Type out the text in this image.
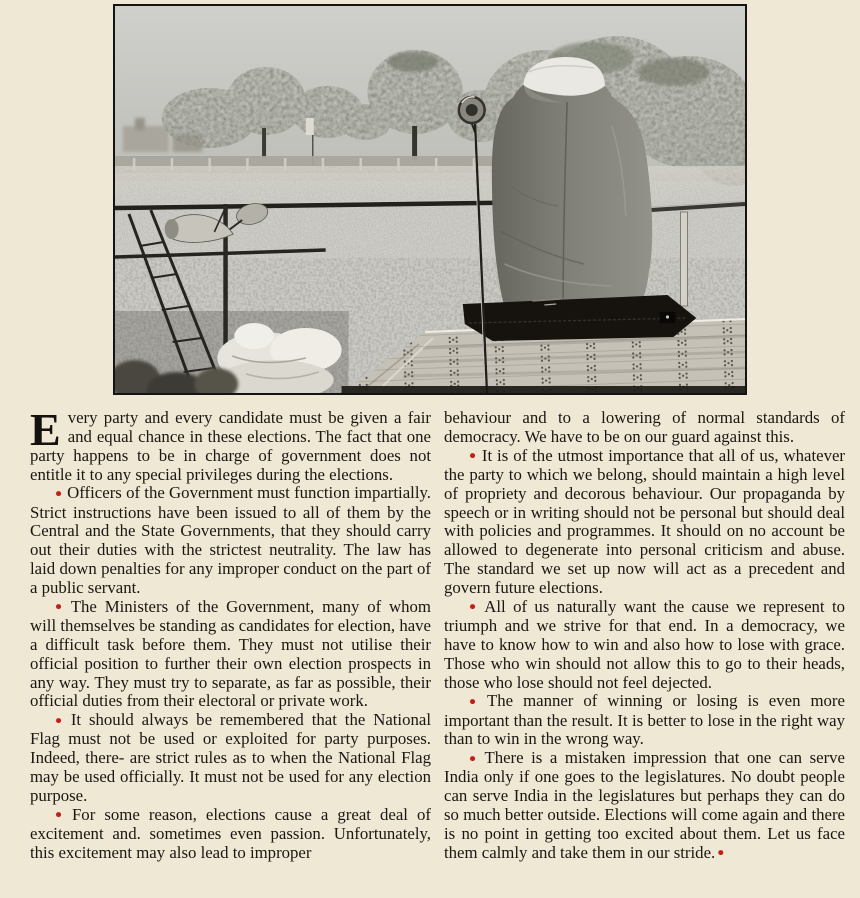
Every party and every candidate must be given a fair and equal chance in these elections. The fact that one party happens to be in charge of government does not entitle it to any special privileges during the elections.

● Officers of the Government must function impartially. Strict instructions have been issued to all of them by the Central and the State Governments, that they should carry out their duties with the strictest neutrality. The law has laid down penalties for any improper conduct on the part of a public servant.

● The Ministers of the Government, many of whom will themselves be standing as candidates for election, have a difficult task before them. They must not utilise their official position to further their own election prospects in any way. They must try to separate, as far as possible, their official duties from their electoral or private work.

● It should always be remembered that the National Flag must not be used or exploited for party purposes. Indeed, there- are strict rules as to when the National Flag may be used officially. It must not be used for any election purpose.

● For some reason, elections cause a great deal of excitement and. sometimes even passion. Unfortunately, this excitement may also lead to improper

behaviour and to a lowering of normal standards of democracy. We have to be on our guard against this.

● It is of the utmost importance that all of us, whatever the party to which we belong, should maintain a high level of propriety and decorous behaviour. Our propaganda by speech or in writing should not be personal but should deal with policies and programmes. It should on no account be allowed to degenerate into personal criticism and abuse. The standard we set up now will act as a precedent and govern future elections.

● All of us naturally want the cause we represent to triumph and we strive for that end. In a democracy, we have to know how to win and also how to lose with grace. Those who win should not allow this to go to their heads, those who lose should not feel dejected.

● The manner of winning or losing is even more important than the result. It is better to lose in the right way than to win in the wrong way.

● There is a mistaken impression that one can serve India only if one goes to the legislatures. No doubt people can serve India in the legislatures but perhaps they can do so much better outside. Elections will come again and there is no point in getting too excited about them. Let us face them calmly and take them in our stride. ●
